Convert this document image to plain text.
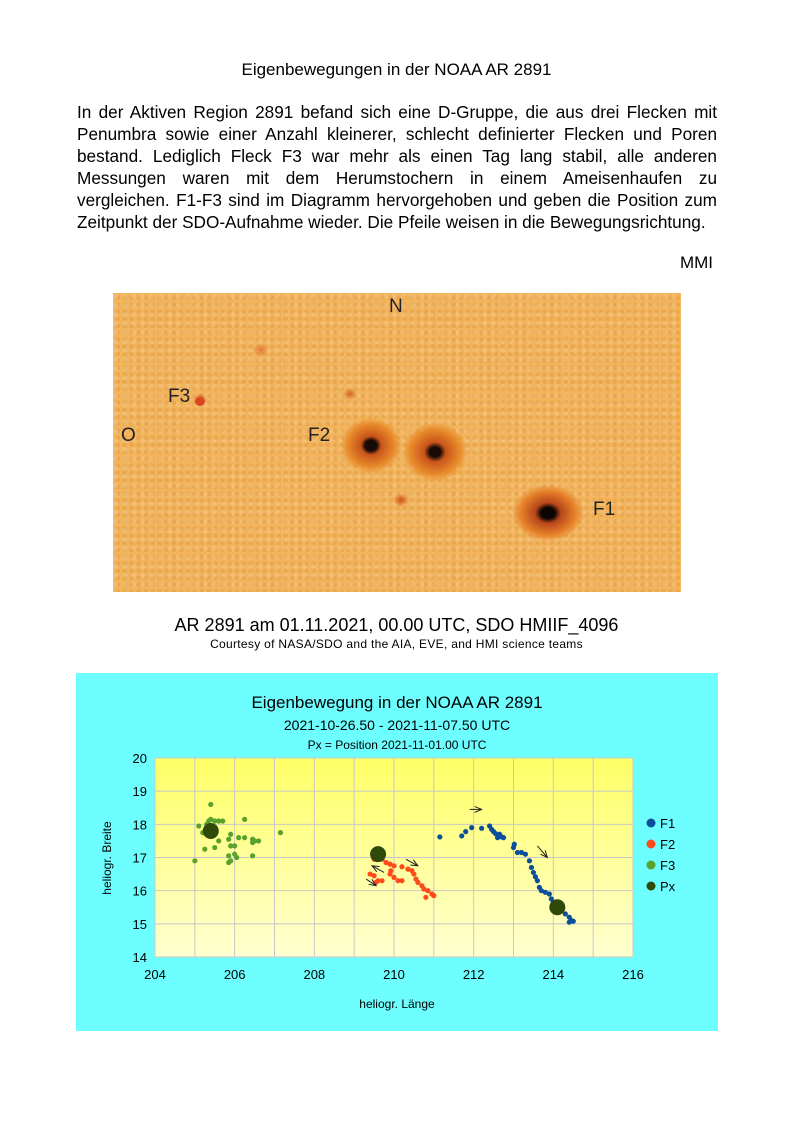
Eigenbewegungen in der NOAA AR 2891
In der Aktiven Region 2891 befand sich eine D-Gruppe, die aus drei Flecken mit Penumbra sowie einer Anzahl kleinerer, schlecht definierter Flecken und Poren bestand. Lediglich Fleck F3 war mehr als einen Tag lang stabil, alle anderen Messungen waren mit dem Herumstochern in einem Ameisenhaufen zu vergleichen. F1-F3 sind im Diagramm hervorgehoben und geben die Position zum Zeitpunkt der SDO-Aufnahme wieder. Die Pfeile weisen in die Bewegungsrichtung.
MMI
N
O
F3
F2
F1
AR 2891 am 01.11.2021, 00.00 UTC, SDO HMIIF_4096
Courtesy of NASA/SDO and the AIA, EVE, and HMI science teams
Eigenbewegung in der NOAA AR 2891
2021-10-26.50 - 2021-11-07.50 UTC
Px = Position 2021-11-01.00 UTC
heliogr. Länge
heliogr. Breite
204	206	208	210	212	214	216
14
15
16
17
18
19
20
F1
F2
F3
Px
